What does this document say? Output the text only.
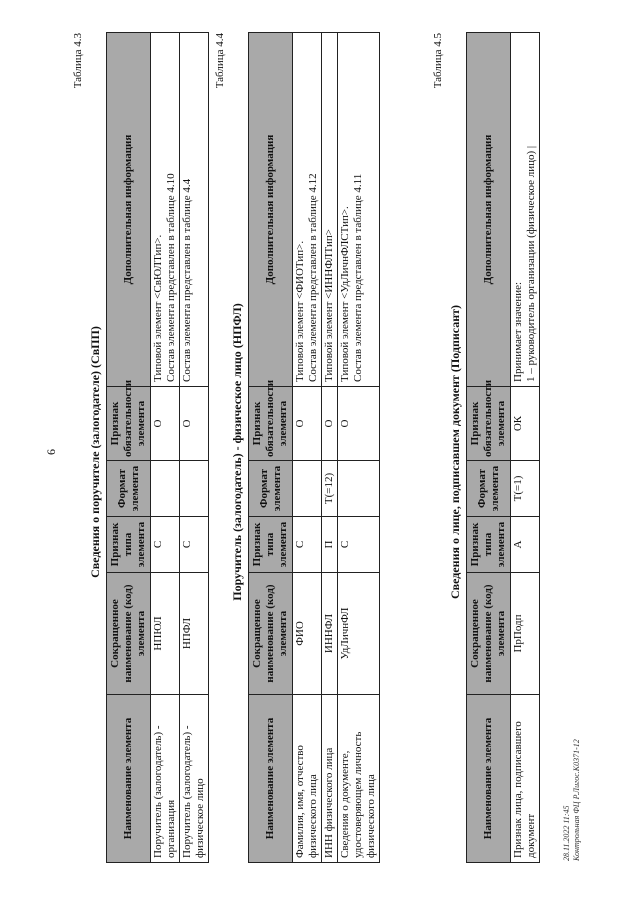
6
Таблица 4.3
Сведения о поручителе (залогодателе) (СвПП)
Наименование элемента	Сокращенное наименование (код) элемента	Признак типа элемента	Формат элемента	Признак обязательности элемента	Дополнительная информация
Поручитель (залогодатель) - организация	НПЮЛ	С		О	Типовой элемент <СвЮЛТип>. Состав элемента представлен в таблице 4.10

Поручитель (залогодатель) - физическое лицо	НПФЛ	С		О	Состав элемента представлен в таблице 4.4
Таблица 4.4
Поручитель (залогодатель) - физическое лицо (НПФЛ)
Наименование элемента	Сокращенное наименование (код) элемента	Признак типа элемента	Формат элемента	Признак обязательности элемента	Дополнительная информация
Фамилия, имя, отчество физического лица	ФИО	С		О	Типовой элемент <ФИОТип>. Состав элемента представлен в таблице 4.12

ИНН физического лица	ИННФЛ	П	T(=12)	О	Типовой элемент <ИННФЛТип>

Сведения о документе, удостоверяющем личность физического лица	УдЛичнФЛ	С		О	Типовой элемент <УдЛичнФЛСТип>. Состав элемента представлен в таблице 4.11
Таблица 4.5
Сведения о лице, подписавшем документ (Подписант)
Наименование элемента	Сокращенное наименование (код) элемента	Признак типа элемента	Формат элемента	Признак обязательности элемента	Дополнительная информация
Признак лица, подписавшего документ	ПрПодп	А	T(=1)	ОК	Принимает значение: 1 – руководитель организации (физическое лицо) |
28.11.2022 11:45 Контрольная ФЦ Р.Лигос.К0371-12
